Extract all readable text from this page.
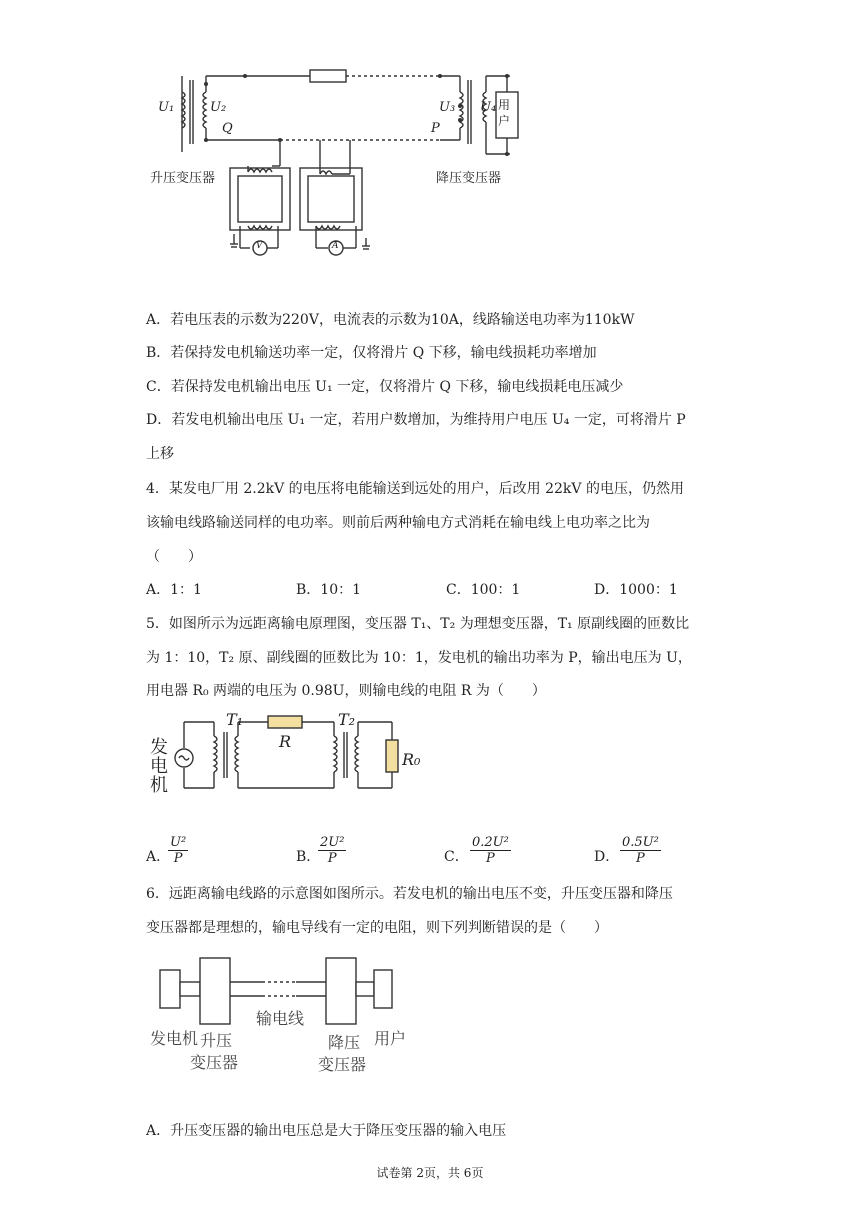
U₁	U₂
Q
U₃
P
U₄ 用户
升压变压器	降压变压器
V	A
A．若电压表的示数为220V，电流表的示数为10A，线路输送电功率为110kW
B．若保持发电机输送功率一定，仅将滑片 Q 下移，输电线损耗功率增加
C．若保持发电机输出电压 U₁ 一定，仅将滑片 Q 下移，输电线损耗电压减少
D．若发电机输出电压 U₁ 一定，若用户数增加，为维持用户电压 U₄ 一定，可将滑片 P
上移
4．某发电厂用 2.2kV 的电压将电能输送到远处的用户，后改用 22kV 的电压，仍然用
该输电线路输送同样的电功率。则前后两种输电方式消耗在输电线上电功率之比为
（　　）
A．1：1	B．10：1	C．100：1	D．1000：1
5．如图所示为远距离输电原理图，变压器 T₁、T₂ 为理想变压器，T₁ 原副线圈的匝数比
为 1：10，T₂ 原、副线圈的匝数比为 10：1，发电机的输出功率为 P，输出电压为 U，
用电器 R₀ 两端的电压为 0.98U，则输电线的电阻 R 为（　　）
发
电
机
T₁
R
T₂
R₀
A．
$\frac{\text{U²}}{P}$	B．
$\frac{\text{2U²}}{P}$	C． $\frac{\text{0.2U²}}{P}$	D． $\frac{\text{0.5U²}}{P}$
6．远距离输电线路的示意图如图所示。若发电机的输出电压不变，升压变压器和降压
变压器都是理想的，输电导线有一定的电阻，则下列判断错误的是（　　）
发电机 升压
变压器
输电线
降压
变压器
用户
A．升压变压器的输出电压总是大于降压变压器的输入电压
试卷第 2页，共 6页
